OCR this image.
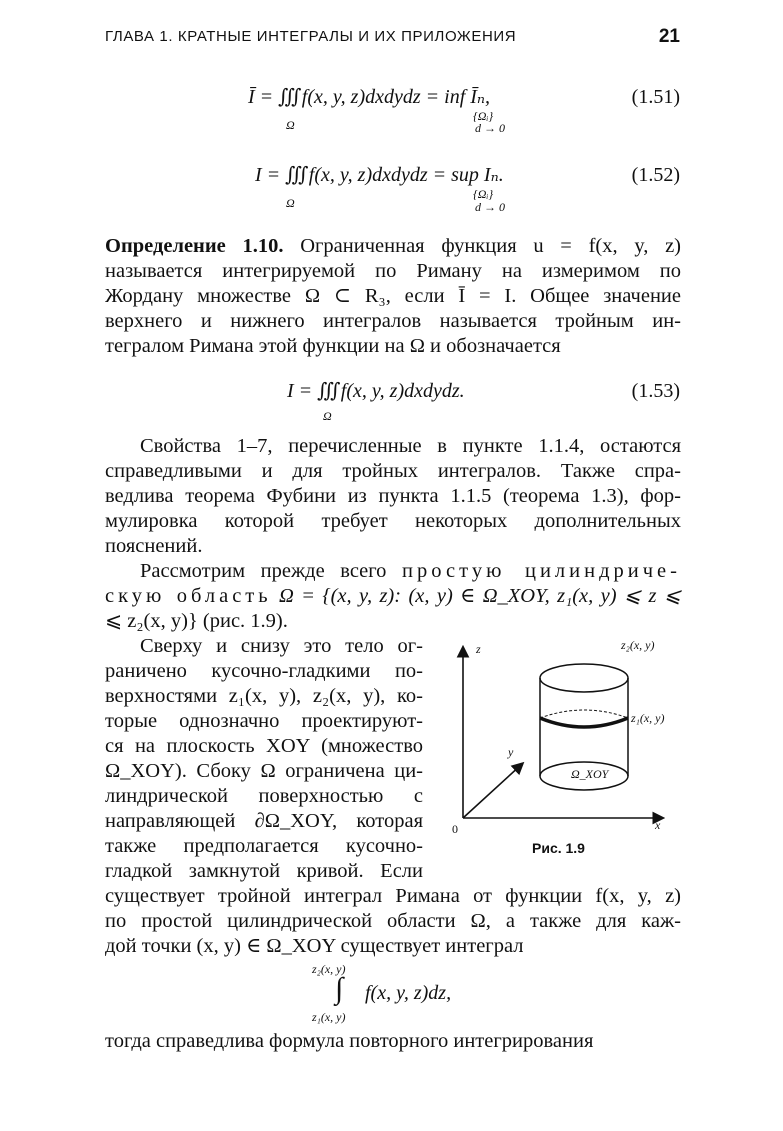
ГЛАВА 1. КРАТНЫЕ ИНТЕГРАЛЫ И ИХ ПРИЛОЖЕНИЯ	21
Ī = ∭f(x, y, z)dxdydz = inf Īₙ,
Ω
{Ωᵢ}
d → 0
(1.51)
I = ∭f(x, y, z)dxdydz = sup Iₙ.
Ω
{Ωᵢ}
d → 0
(1.52)
Определение 1.10. Ограниченная функция u = f(x, y, z)
называется интегрируемой по Риману на измеримом по
Жордану множестве Ω ⊂ R₃, если Ī = I. Общее значение
верхнего и нижнего интегралов называется тройным ин-
тегралом Римана этой функции на Ω и обозначается
I = ∭f(x, y, z)dxdydz.
Ω
(1.53)
Свойства 1–7, перечисленные в пункте 1.1.4, остаются
справедливыми и для тройных интегралов. Также спра-
ведлива теорема Фубини из пункта 1.1.5 (теорема 1.3), фор-
мулировка которой требует некоторых дополнительных
пояснений.
Рассмотрим прежде всего простую цилиндриче-
скую область Ω = {(x, y, z): (x, y) ∈ Ω_XOY, z₁(x, y) ⩽ z ⩽
⩽ z₂(x, y)} (рис. 1.9).
Сверху и снизу это тело ог-
раничено кусочно-гладкими по-
верхностями z₁(x, y), z₂(x, y), ко-
торые однозначно проектируют-
ся на плоскость XOY (множество
Ω_XOY). Сбоку Ω ограничена ци-
линдрической поверхностью с
направляющей ∂Ω_XOY, которая
также предполагается кусочно-
гладкой замкнутой кривой. Если
z
y
x
0
z₂(x, y)
z₁(x, y)
Ω_XOY
Рис. 1.9
существует тройной интеграл Римана от функции f(x, y, z)
по простой цилиндрической области Ω, а также для каж-
дой точки (x, y) ∈ Ω_XOY существует интеграл
z₂(x, y)
∫ f(x, y, z)dz,
z₁(x, y)
тогда справедлива формула повторного интегрирования
